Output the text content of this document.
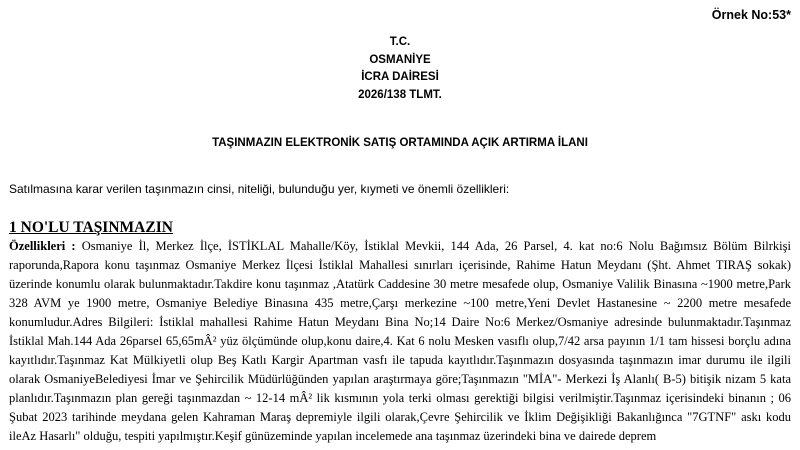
Örnek No:53*
T.C.
OSMANİYE
İCRA DAİRESİ
2026/138 TLMT.
TAŞINMAZIN ELEKTRONİK SATIŞ ORTAMINDA AÇIK ARTIRMA İLANI
Satılmasına karar verilen taşınmazın cinsi, niteliği, bulunduğu yer, kıymeti ve önemli özellikleri:
1 NO'LU TAŞINMAZIN
Özellikleri : Osmaniye İl, Merkez İlçe, İSTİKLAL Mahalle/Köy, İstiklal Mevkii, 144 Ada, 26 Parsel, 4. kat no:6 Nolu Bağımsız Bölüm Bilrkişi raporunda,Rapora konu taşınmaz Osmaniye Merkez İlçesi İstiklal Mahallesi sınırları içerisinde, Rahime Hatun Meydanı (Şht. Ahmet TIRAŞ sokak) üzerinde konumlu olarak bulunmaktadır.Takdire konu taşınmaz ,Atatürk Caddesine 30 metre mesafede olup, Osmaniye Valilik Binasına ~1900 metre,Park 328 AVM ye 1900 metre, Osmaniye Belediye Binasına 435 metre,Çarşı merkezine ~100 metre,Yeni Devlet Hastanesine ~ 2200 metre mesafede konumludur.Adres Bilgileri: İstiklal mahallesi Rahime Hatun Meydanı Bina No;14 Daire No:6 Merkez/Osmaniye adresinde bulunmaktadır.Taşınmaz İstiklal Mah.144 Ada 26parsel 65,65mÂ² yüz ölçümünde olup,konu daire,4. Kat 6 nolu Mesken vasıflı olup,7/42 arsa payının 1/1 tam hissesi borçlu adına kayıtlıdır.Taşınmaz Kat Mülkiyetli olup Beş Katlı Kargir Apartman vasfı ile tapuda kayıtlıdır.Taşınmazın dosyasında taşınmazın imar durumu ile ilgili olarak OsmaniyeBelediyesi İmar ve Şehircilik Müdürlüğünden yapılan araştırmaya göre;Taşınmazın "MİA"- Merkezi İş Alanlı( B-5) bitişik nizam 5 kata planlıdır.Taşınmazın plan gereği taşınmazdan ~ 12-14 mÂ² lik kısmının yola terki olması gerektiği bilgisi verilmiştir.Taşınmaz içerisindeki binanın ; 06 Şubat 2023 tarihinde meydana gelen Kahraman Maraş depremiyle ilgili olarak,Çevre Şehircilik ve İklim Değişikliği Bakanlığınca "7GTNF" askı kodu ileAz Hasarlı" olduğu, tespiti yapılmıştır.Keşif günüzeminde yapılan incelemede ana taşınmaz üzerindeki bina ve dairede deprem
